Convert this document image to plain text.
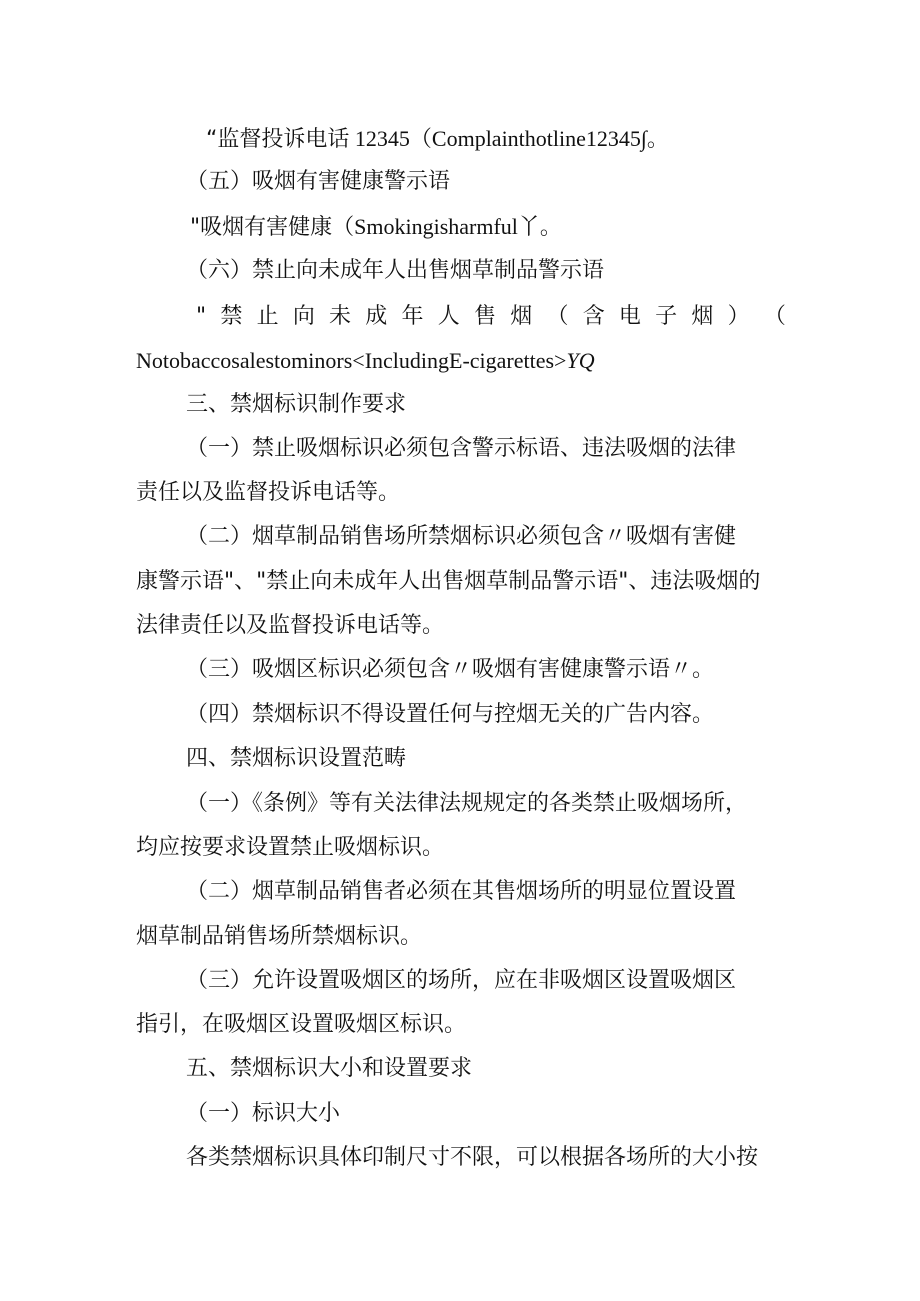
“监督投诉电话 12345（Complainthotline12345∫。
（五）吸烟有害健康警示语
"吸烟有害健康（Smokingisharmful丫。
（六）禁止向未成年人出售烟草制品警示语
" 禁 止 向 未 成 年 人 售 烟 （ 含 电 子 烟 ） （
Notobaccosalestominors<IncludingE-cigarettes>YQ
三、禁烟标识制作要求
（一）禁止吸烟标识必须包含警示标语、违法吸烟的法律
责任以及监督投诉电话等。
（二）烟草制品销售场所禁烟标识必须包含〃吸烟有害健
康警示语"、"禁止向未成年人出售烟草制品警示语"、违法吸烟的
法律责任以及监督投诉电话等。
（三）吸烟区标识必须包含〃吸烟有害健康警示语〃。
（四）禁烟标识不得设置任何与控烟无关的广告内容。
四、禁烟标识设置范畴
（一）《条例》等有关法律法规规定的各类禁止吸烟场所，
均应按要求设置禁止吸烟标识。
（二）烟草制品销售者必须在其售烟场所的明显位置设置
烟草制品销售场所禁烟标识。
（三）允许设置吸烟区的场所，应在非吸烟区设置吸烟区
指引，在吸烟区设置吸烟区标识。
五、禁烟标识大小和设置要求
（一）标识大小
各类禁烟标识具体印制尺寸不限，可以根据各场所的大小按
